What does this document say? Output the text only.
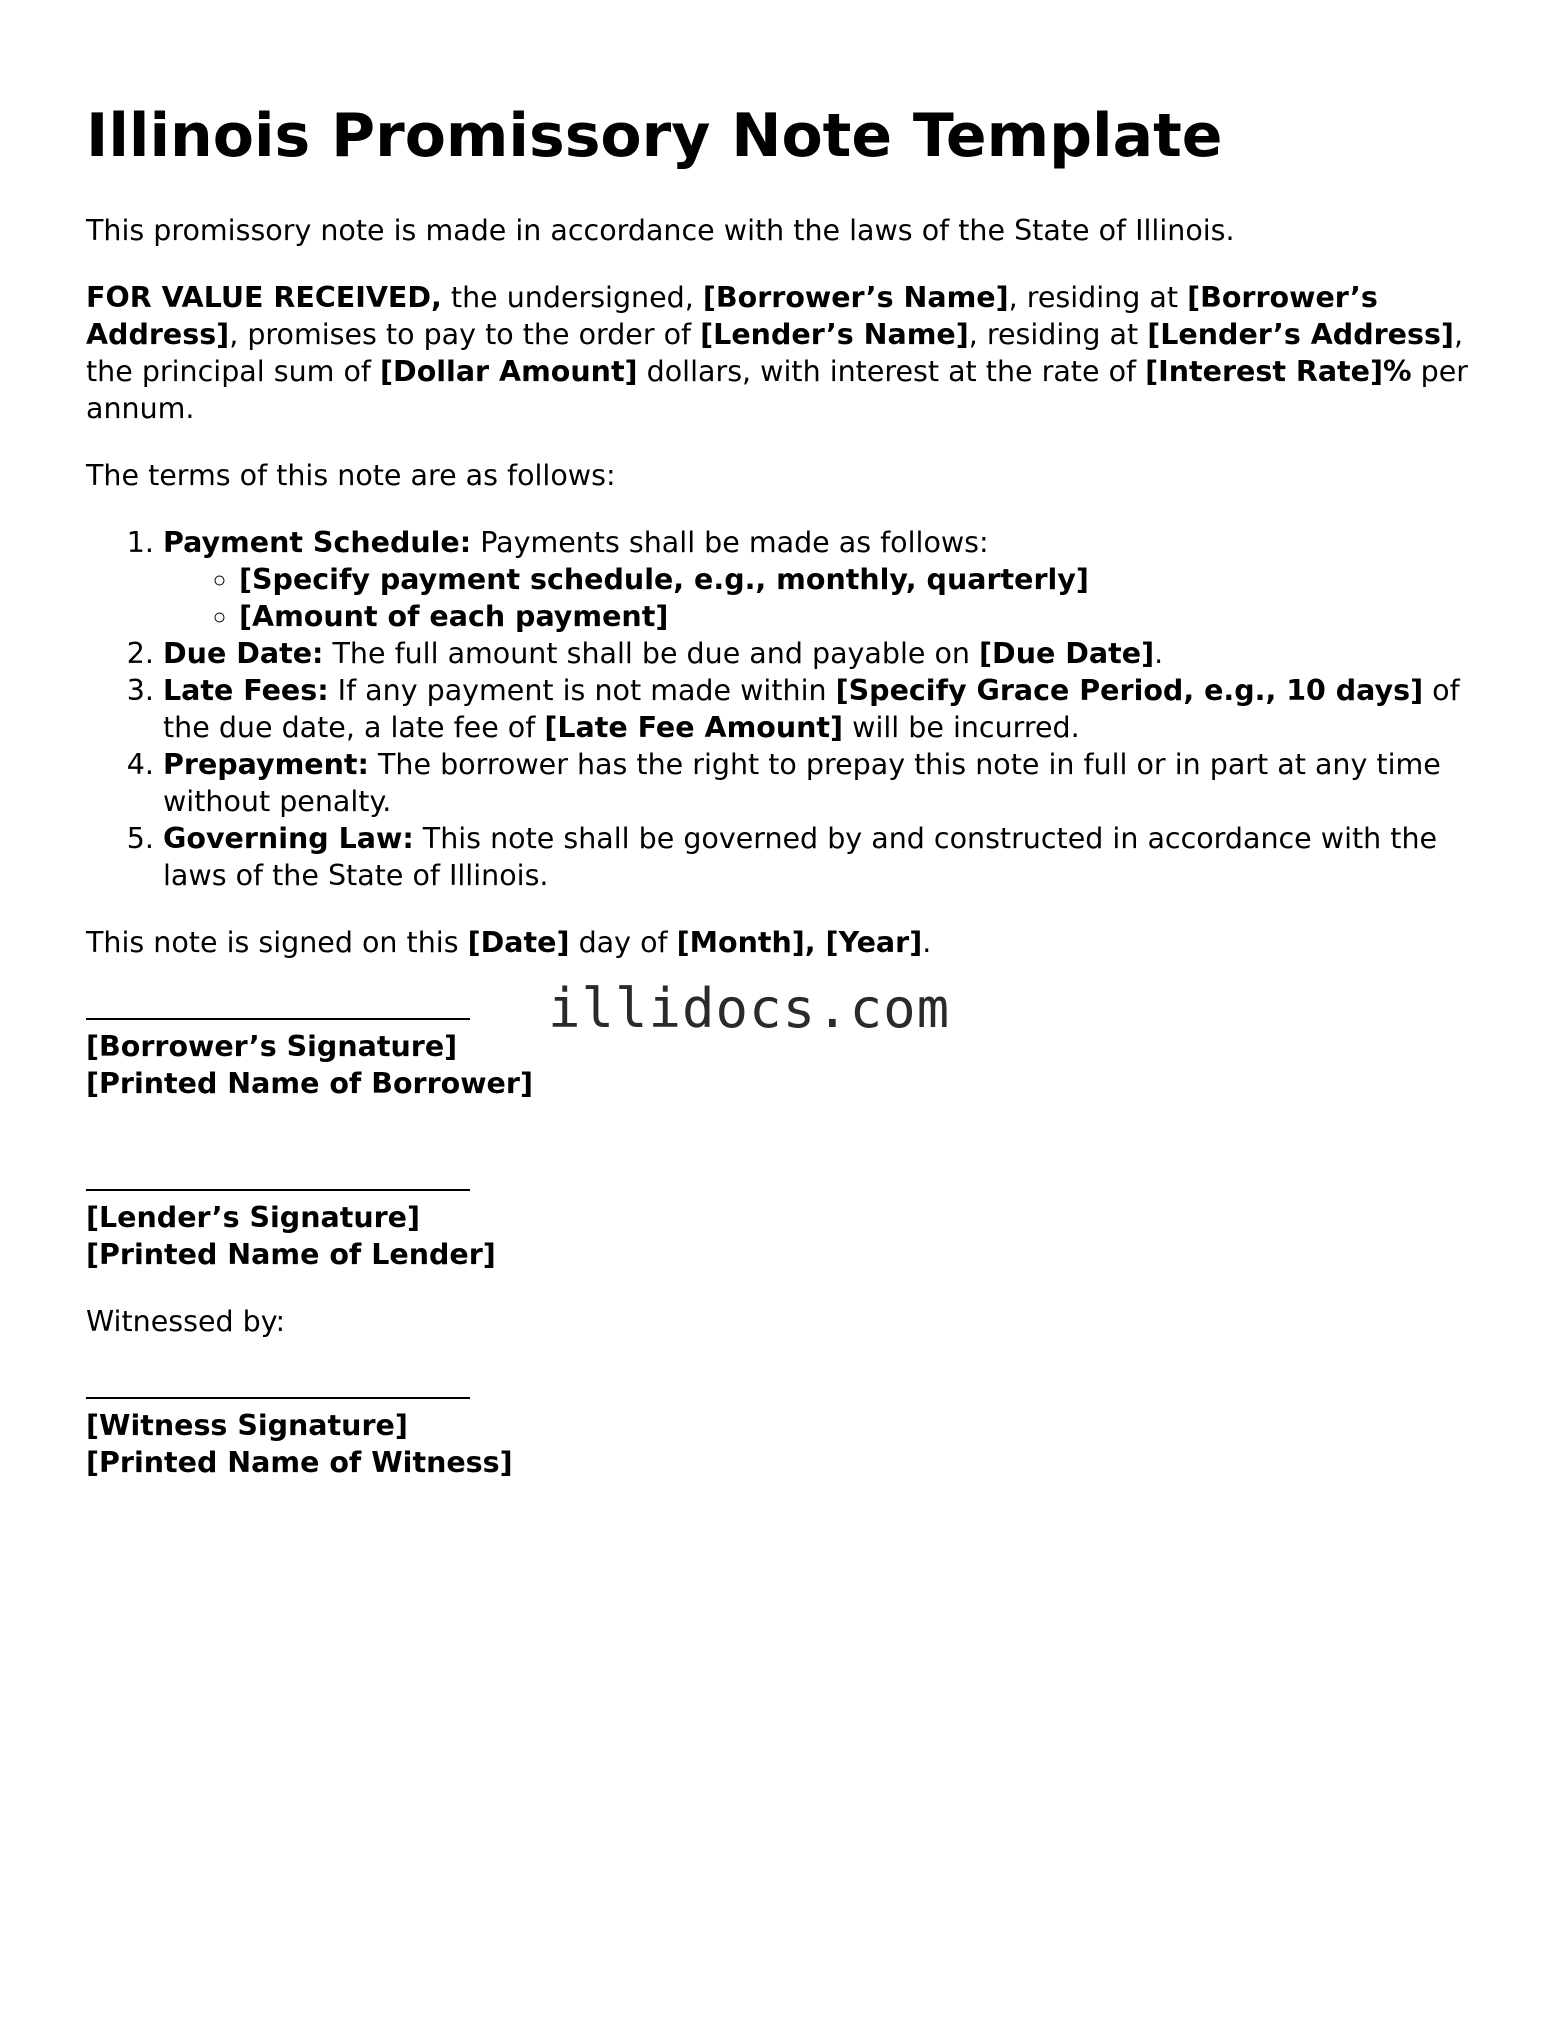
Illinois Promissory Note Template

This promissory note is made in accordance with the laws of the State of Illinois.

FOR VALUE RECEIVED, the undersigned, [Borrower’s Name], residing at [Borrower’s Address], promises to pay to the order of [Lender’s Name], residing at [Lender’s Address], the principal sum of [Dollar Amount] dollars, with interest at the rate of [Interest Rate]% per annum.

The terms of this note are as follows:

1. Payment Schedule: Payments shall be made as follows:
◦ [Specify payment schedule, e.g., monthly, quarterly]
◦ [Amount of each payment]
2. Due Date: The full amount shall be due and payable on [Due Date].
3. Late Fees: If any payment is not made within [Specify Grace Period, e.g., 10 days] of the due date, a late fee of [Late Fee Amount] will be incurred.
4. Prepayment: The borrower has the right to prepay this note in full or in part at any time without penalty.
5. Governing Law: This note shall be governed by and constructed in accordance with the laws of the State of Illinois.

This note is signed on this [Date] day of [Month], [Year].

illidocs.com
[Borrower’s Signature]
[Printed Name of Borrower]
[Lender’s Signature]
[Printed Name of Lender]

Witnessed by:

[Witness Signature]
[Printed Name of Witness]
